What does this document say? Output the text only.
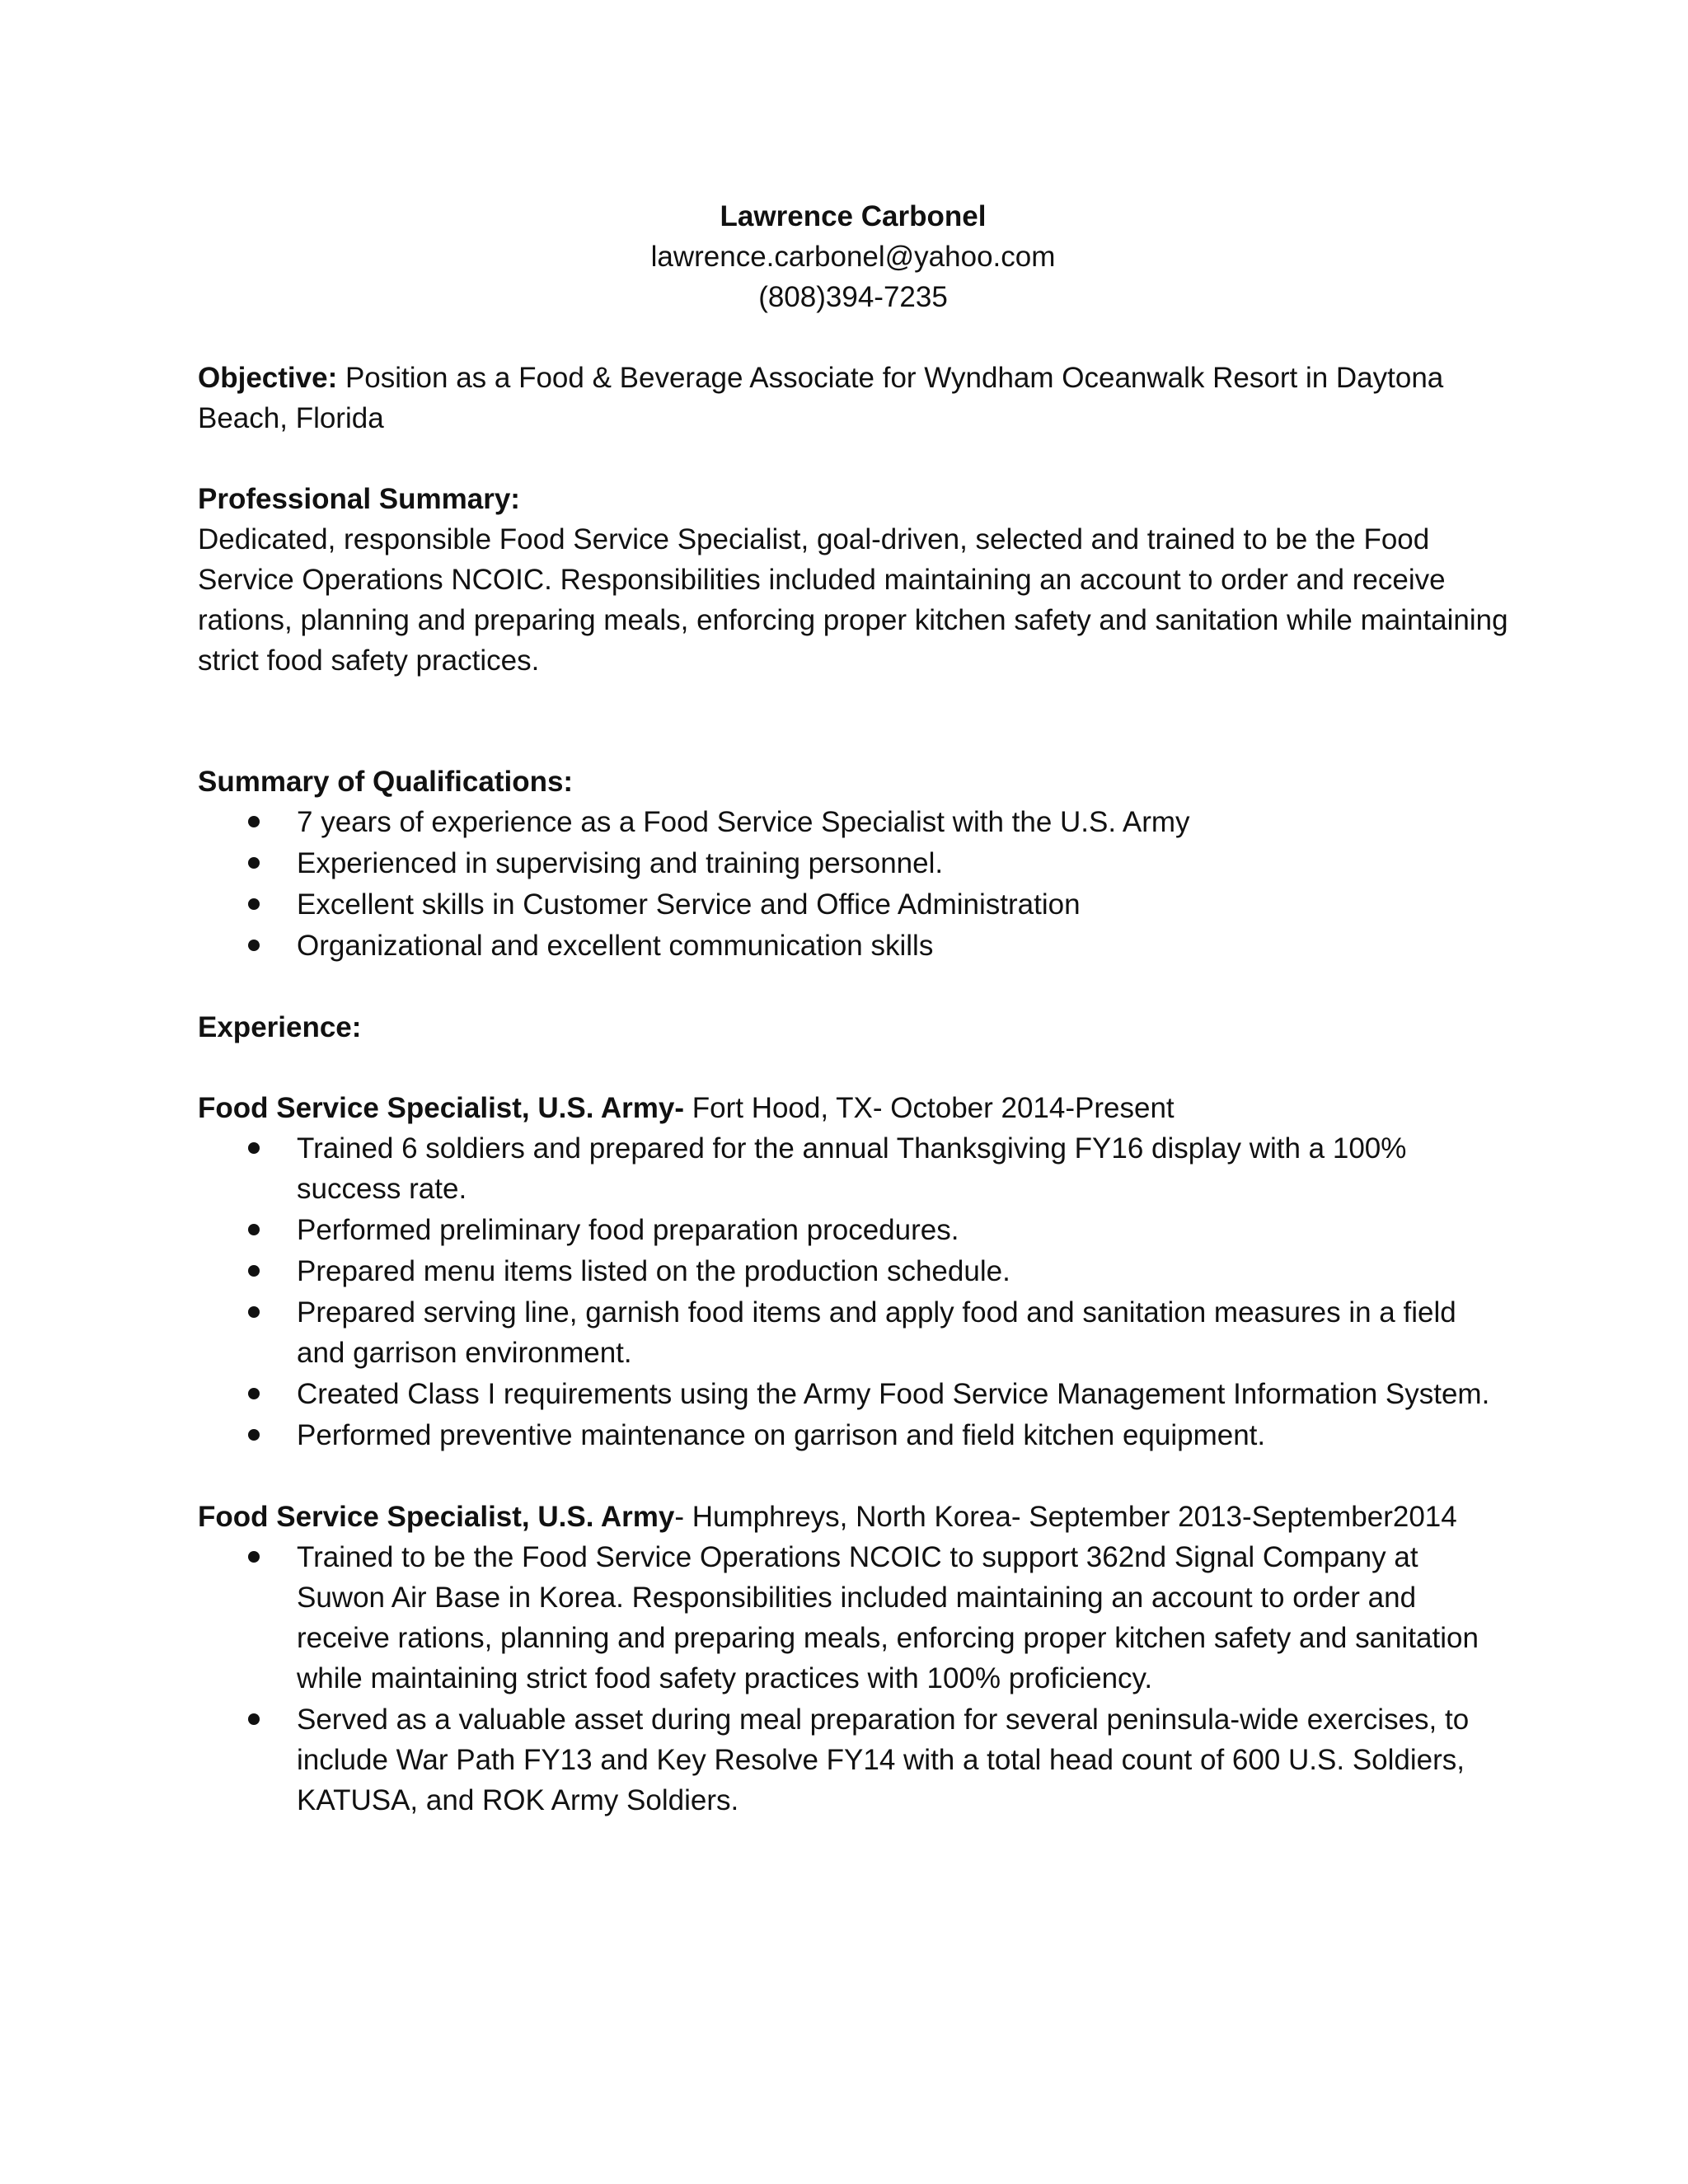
Lawrence Carbonel
lawrence.carbonel@yahoo.com
(808)394-7235
Objective: Position as a Food & Beverage Associate for Wyndham Oceanwalk Resort in Daytona Beach, Florida
Professional Summary:
Dedicated, responsible Food Service Specialist, goal-driven, selected and trained to be the Food Service Operations NCOIC. Responsibilities included maintaining an account to order and receive rations, planning and preparing meals, enforcing proper kitchen safety and sanitation while maintaining strict food safety practices.
Summary of Qualifications:
7 years of experience as a Food Service Specialist with the U.S. Army
Experienced in supervising and training personnel.
Excellent skills in Customer Service and Office Administration
Organizational and excellent communication skills
Experience:
Food Service Specialist, U.S. Army- Fort Hood, TX- October 2014-Present
Trained 6 soldiers and prepared for the annual Thanksgiving FY16 display with a 100% success rate.
Performed preliminary food preparation procedures.
Prepared menu items listed on the production schedule.
Prepared serving line, garnish food items and apply food and sanitation measures in a field and garrison environment.
Created Class I requirements using the Army Food Service Management Information System.
Performed preventive maintenance on garrison and field kitchen equipment.
Food Service Specialist, U.S. Army- Humphreys, North Korea- September 2013-September2014
Trained to be the Food Service Operations NCOIC to support 362nd Signal Company at Suwon Air Base in Korea. Responsibilities included maintaining an account to order and receive rations, planning and preparing meals, enforcing proper kitchen safety and sanitation while maintaining strict food safety practices with 100% proficiency.
Served as a valuable asset during meal preparation for several peninsula-wide exercises, to include War Path FY13 and Key Resolve FY14 with a total head count of 600 U.S. Soldiers, KATUSA, and ROK Army Soldiers.
